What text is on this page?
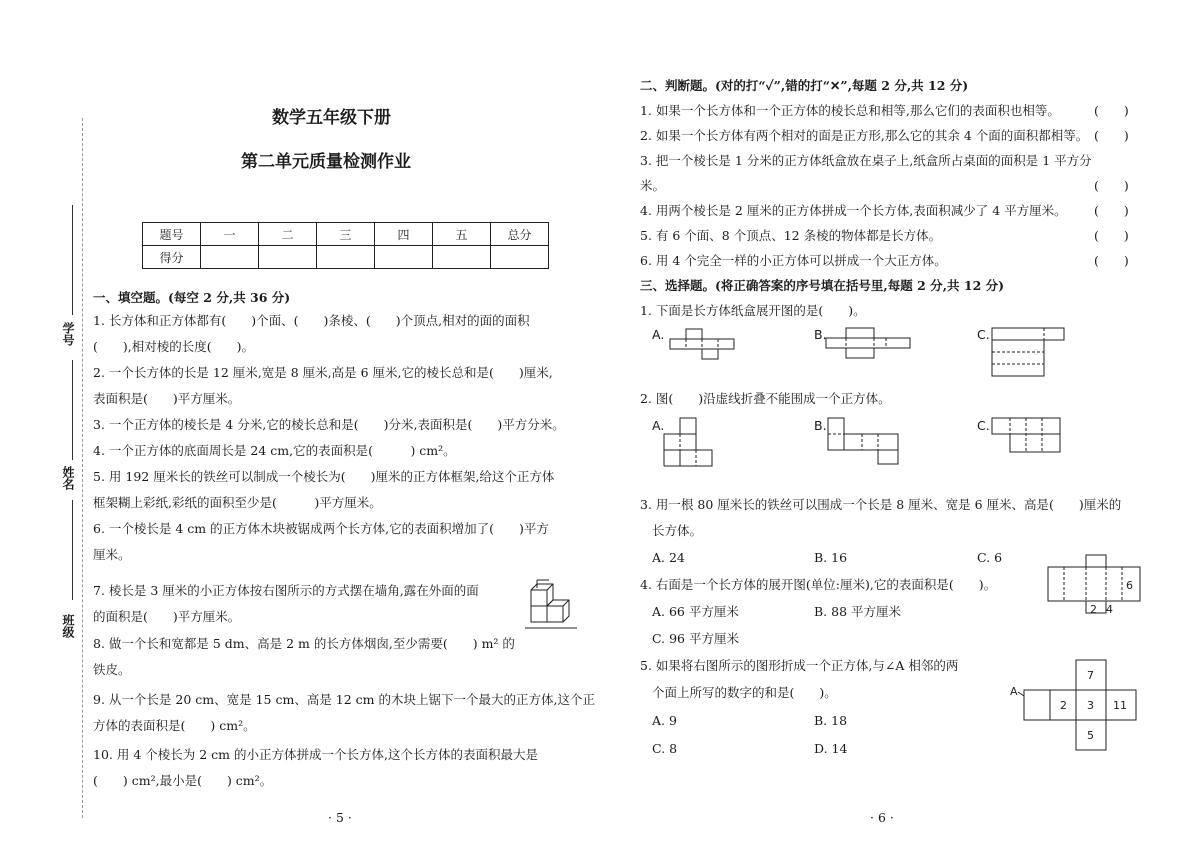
学号
姓名
班级
数学五年级下册
第二单元质量检测作业
题号	一	二	三	四	五	总分
得分						
一、填空题。(每空 2 分,共 36 分)
1. 长方体和正方体都有(　　)个面、(　　)条棱、(　　)个顶点,相对的面的面积
(　　),相对棱的长度(　　)。
2. 一个长方体的长是 12 厘米,宽是 8 厘米,高是 6 厘米,它的棱长总和是(　　)厘米,
表面积是(　　)平方厘米。
3. 一个正方体的棱长是 4 分米,它的棱长总和是(　　)分米,表面积是(　　)平方分米。
4. 一个正方体的底面周长是 24 cm,它的表面积是(　　　) cm²。
5. 用 192 厘米长的铁丝可以制成一个棱长为(　　)厘米的正方体框架,给这个正方体
框架糊上彩纸,彩纸的面积至少是(　　　)平方厘米。
6. 一个棱长是 4 cm 的正方体木块被锯成两个长方体,它的表面积增加了(　　)平方
厘米。
7. 棱长是 3 厘米的小正方体按右图所示的方式摆在墙角,露在外面的面
的面积是(　　)平方厘米。
8. 做一个长和宽都是 5 dm、高是 2 m 的长方体烟囱,至少需要(　　) m² 的
铁皮。
9. 从一个长是 20 cm、宽是 15 cm、高是 12 cm 的木块上锯下一个最大的正方体,这个正
方体的表面积是(　　) cm²。
10. 用 4 个棱长为 2 cm 的小正方体拼成一个长方体,这个长方体的表面积最大是
(　　) cm²,最小是(　　) cm²。
· 5 ·
二、判断题。(对的打“✓”,错的打“✕”,每题 2 分,共 12 分)
1. 如果一个长方体和一个正方体的棱长总和相等,那么它们的表面积也相等。	(　　)
2. 如果一个长方体有两个相对的面是正方形,那么它的其余 4 个面的面积都相等。 (　　)
3. 把一个棱长是 1 分米的正方体纸盒放在桌子上,纸盒所占桌面的面积是 1 平方分
米。	(　　)
4. 用两个棱长是 2 厘米的正方体拼成一个长方体,表面积减少了 4 平方厘米。 (　　)
5. 有 6 个面、8 个顶点、12 条棱的物体都是长方体。	(　　)
6. 用 4 个完全一样的小正方体可以拼成一个大正方体。	(　　)
三、选择题。(将正确答案的序号填在括号里,每题 2 分,共 12 分)
1. 下面是长方体纸盒展开图的是(　　)。
A.	B.	C.
2. 图(　　)沿虚线折叠不能围成一个正方体。
A.	B.	C.
3. 用一根 80 厘米长的铁丝可以围成一个长是 8 厘米、宽是 6 厘米、高是(　　)厘米的
长方体。
A. 24	B. 16	C. 6
4. 右面是一个长方体的展开图(单位:厘米),它的表面积是(　　)。
A. 66 平方厘米	B. 88 平方厘米
C. 96 平方厘米
6
2 4
5. 如果将右图所示的图形折成一个正方体,与∠A 相邻的两
个面上所写的数字的和是(　　)。
A. 9	B. 18
C. 8	D. 14
A
7
2 3 11
5
· 6 ·
